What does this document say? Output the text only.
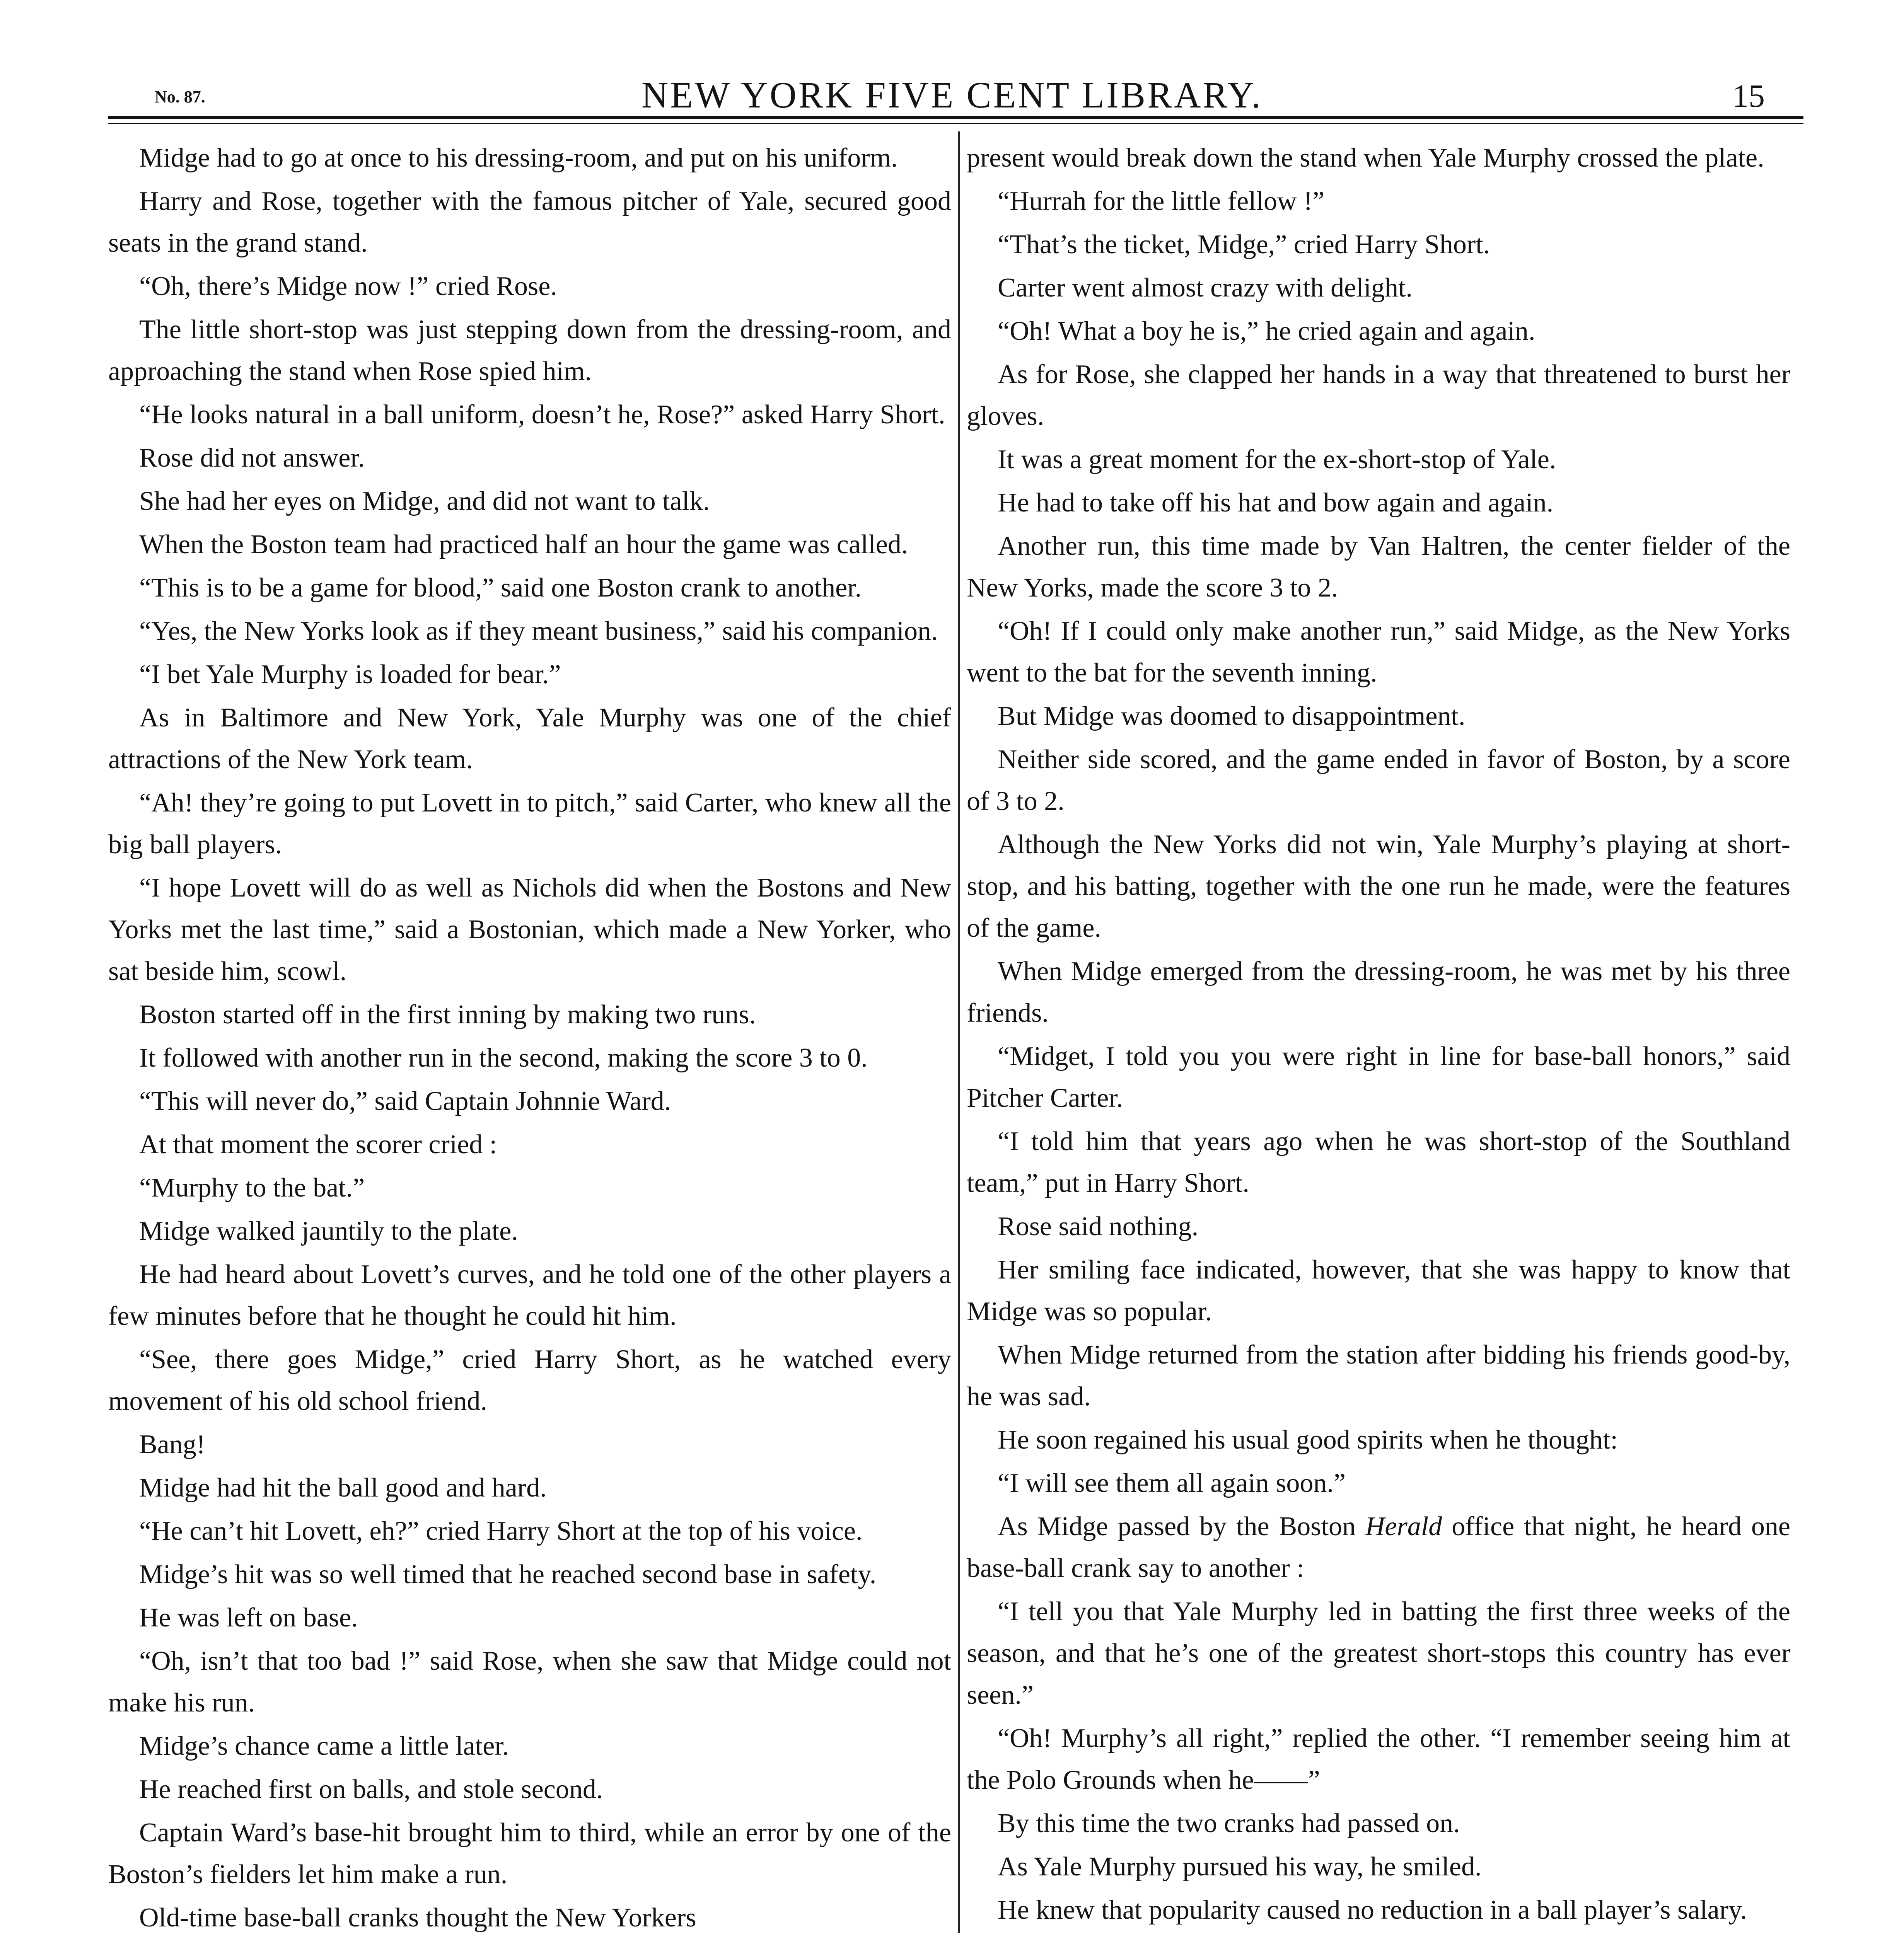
No. 87.	NEW YORK FIVE CENT LIBRARY.	15

Midge had to go at once to his dressing-room, and put on his uniform.

Harry and Rose, together with the famous pitcher of Yale, secured good seats in the grand stand.

“Oh, there’s Midge now !” cried Rose.

The little short-stop was just stepping down from the dressing-room, and approaching the stand when Rose spied him.

“He looks natural in a ball uniform, doesn’t he, Rose?” asked Harry Short.

Rose did not answer.

She had her eyes on Midge, and did not want to talk.

When the Boston team had practiced half an hour the game was called.

“This is to be a game for blood,” said one Boston crank to another.

“Yes, the New Yorks look as if they meant business,” said his companion.

“I bet Yale Murphy is loaded for bear.”

As in Baltimore and New York, Yale Murphy was one of the chief attractions of the New York team.

“Ah! they’re going to put Lovett in to pitch,” said Carter, who knew all the big ball players.

“I hope Lovett will do as well as Nichols did when the Bostons and New Yorks met the last time,” said a Bostonian, which made a New Yorker, who sat beside him, scowl.

Boston started off in the first inning by making two runs.

It followed with another run in the second, making the score 3 to 0.

“This will never do,” said Captain Johnnie Ward.

At that moment the scorer cried :

“Murphy to the bat.”

Midge walked jauntily to the plate.

He had heard about Lovett’s curves, and he told one of the other players a few minutes before that he thought he could hit him.

“See, there goes Midge,” cried Harry Short, as he watched every movement of his old school friend.

Bang!

Midge had hit the ball good and hard.

“He can’t hit Lovett, eh?” cried Harry Short at the top of his voice.

Midge’s hit was so well timed that he reached second base in safety.

He was left on base.

“Oh, isn’t that too bad !” said Rose, when she saw that Midge could not make his run.

Midge’s chance came a little later.

He reached first on balls, and stole second.

Captain Ward’s base-hit brought him to third, while an error by one of the Boston’s fielders let him make a run.

Old-time base-ball cranks thought the New Yorkers

present would break down the stand when Yale Murphy crossed the plate.

“Hurrah for the little fellow !”

“That’s the ticket, Midge,” cried Harry Short.

Carter went almost crazy with delight.

“Oh! What a boy he is,” he cried again and again.

As for Rose, she clapped her hands in a way that threatened to burst her gloves.

It was a great moment for the ex-short-stop of Yale.

He had to take off his hat and bow again and again.

Another run, this time made by Van Haltren, the center fielder of the New Yorks, made the score 3 to 2.

“Oh! If I could only make another run,” said Midge, as the New Yorks went to the bat for the seventh inning.

But Midge was doomed to disappointment.

Neither side scored, and the game ended in favor of Boston, by a score of 3 to 2.

Although the New Yorks did not win, Yale Murphy’s playing at short-stop, and his batting, together with the one run he made, were the features of the game.

When Midge emerged from the dressing-room, he was met by his three friends.

“Midget, I told you you were right in line for base-ball honors,” said Pitcher Carter.

“I told him that years ago when he was short-stop of the Southland team,” put in Harry Short.

Rose said nothing.

Her smiling face indicated, however, that she was happy to know that Midge was so popular.

When Midge returned from the station after bidding his friends good-by, he was sad.

He soon regained his usual good spirits when he thought:

“I will see them all again soon.”

As Midge passed by the Boston Herald office that night, he heard one base-ball crank say to another :

“I tell you that Yale Murphy led in batting the first three weeks of the season, and that he’s one of the greatest short-stops this country has ever seen.”

“Oh! Murphy’s all right,” replied the other. “I remember seeing him at the Polo Grounds when he——”

By this time the two cranks had passed on.

As Yale Murphy pursued his way, he smiled.

He knew that popularity caused no reduction in a ball player’s salary.
